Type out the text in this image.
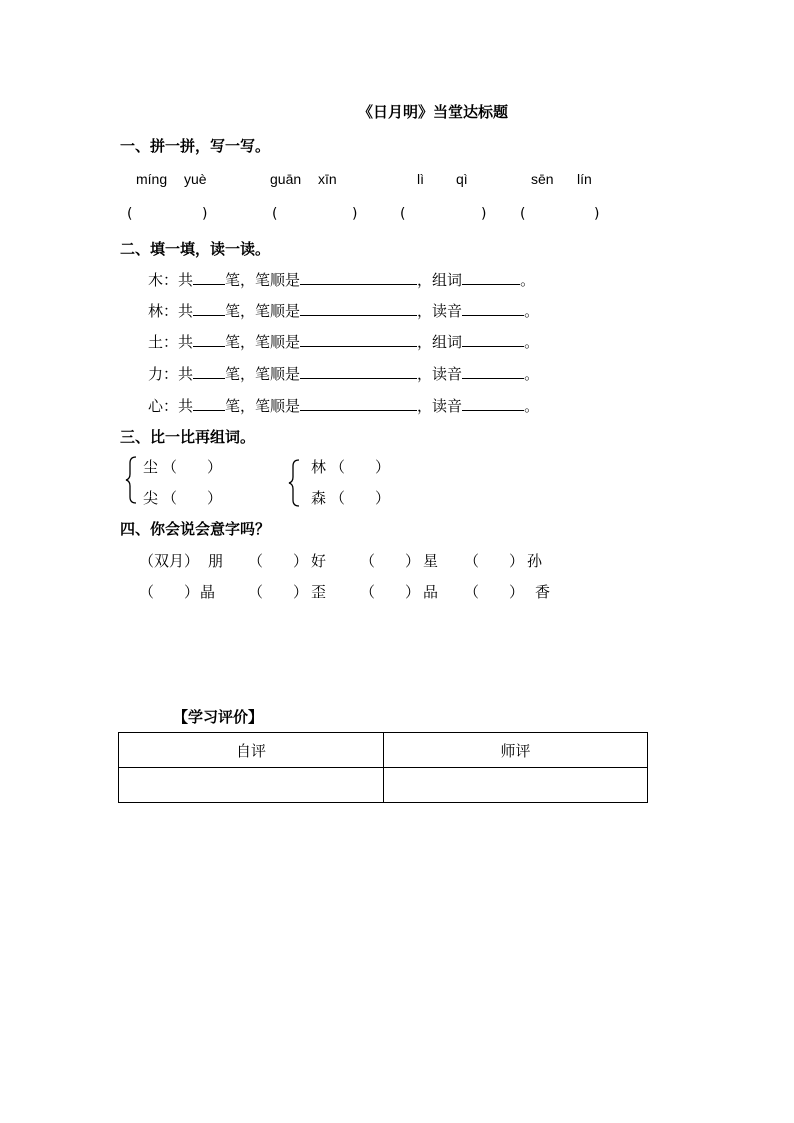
《日月明》当堂达标题
一、拼一拼，写一写。
míng yuè	guān xīn	lì qì	sēn lín
(	)	(	)	(	) (	)
二、填一填，读一读。
木：共 笔，笔顺是	，组词	。
林：共 笔，笔顺是	，读音	。
土：共 笔，笔顺是	，组词	。
力：共 笔，笔顺是	，读音	。
心：共 笔，笔顺是	，读音	。
三、比一比再组词。
尘 （　　）
尖 （　　）
林 （　　）
森 （　　）
四、你会说会意字吗？
（双月） 朋 （　　） 好 （　　） 星 （　　） 孙
（　　） 晶 （　　） 歪 （　　） 品 （　　） 香
【学习评价】
自评	师评
